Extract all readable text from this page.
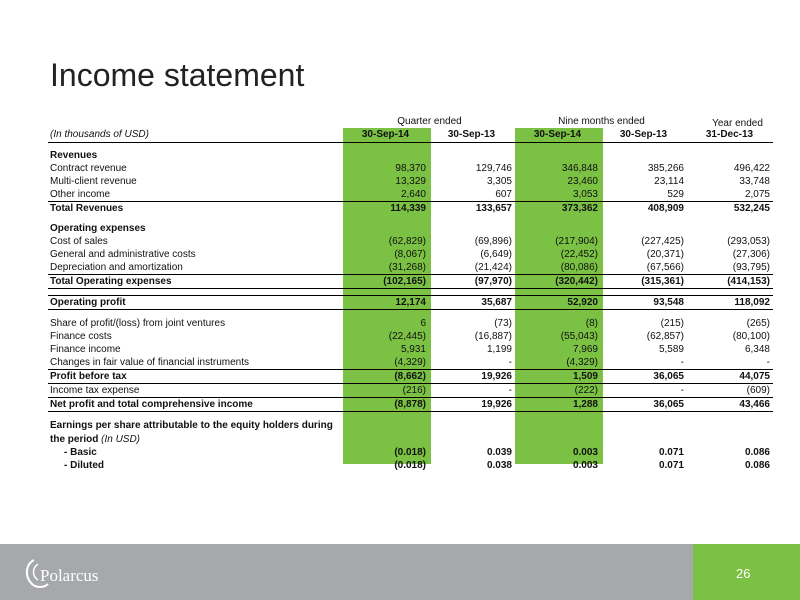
Income statement
Quarter ended	Nine months ended	Year ended
(In thousands of USD)	30-Sep-14	30-Sep-13	30-Sep-14	30-Sep-13	31-Dec-13

Revenues					
Contract revenue	98,370	129,746	346,848	385,266	496,422
Multi-client revenue	13,329	3,305	23,460	23,114	33,748
Other income	2,640	607	3,053	529	2,075
Total Revenues	114,339	133,657	373,362	408,909	532,245

Operating expenses					
Cost of sales	(62,829)	(69,896)	(217,904)	(227,425)	(293,053)
General and administrative costs	(8,067)	(6,649)	(22,452)	(20,371)	(27,306)
Depreciation and amortization	(31,268)	(21,424)	(80,086)	(67,566)	(93,795)
Total Operating expenses	(102,165)	(97,970)	(320,442)	(315,361)	(414,153)

Operating profit	12,174	35,687	52,920	93,548	118,092

Share of profit/(loss) from joint ventures	6	(73)	(8)	(215)	(265)
Finance costs	(22,445)	(16,887)	(55,043)	(62,857)	(80,100)
Finance income	5,931	1,199	7,969	5,589	6,348
Changes in fair value of financial instruments	(4,329)	-	(4,329)	-	-
Profit before tax	(8,662)	19,926	1,509	36,065	44,075
Income tax expense	(216)	-	(222)	-	(609)
Net profit and total comprehensive income	(8,878)	19,926	1,288	36,065	43,466

Earnings per share attributable to the equity holders during					
the period (In USD)					
- Basic	(0.018)	0.039	0.003	0.071	0.086
- Diluted	(0.018)	0.038	0.003	0.071	0.086
Polarcus	26
